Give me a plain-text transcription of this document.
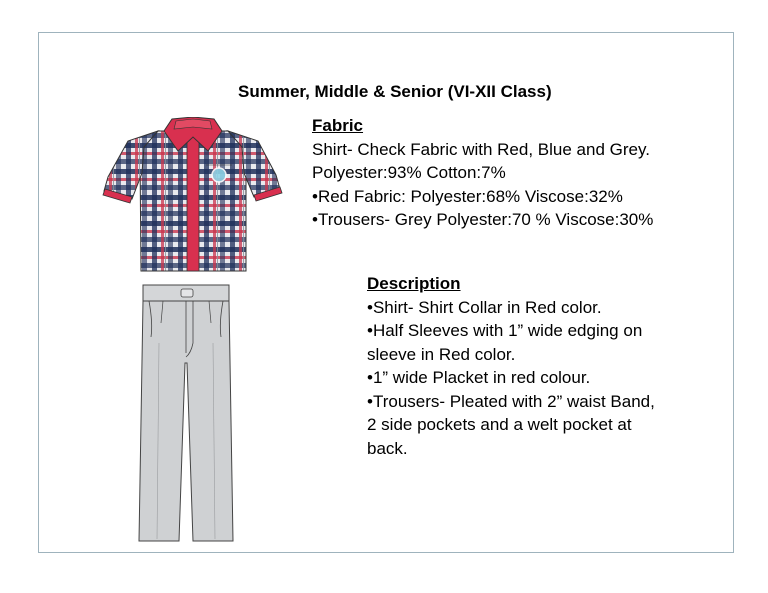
Summer, Middle & Senior (VI-XII Class)
Fabric
Shirt- Check Fabric with Red, Blue and Grey.
Polyester:93% Cotton:7%
•Red Fabric: Polyester:68% Viscose:32%
•Trousers- Grey Polyester:70 % Viscose:30%
Description
•Shirt- Shirt Collar in Red color.
•Half Sleeves with 1” wide edging on
sleeve in Red color.
•1” wide Placket in red colour.
•Trousers- Pleated with 2” waist Band,
2 side pockets and a welt pocket at
back.
